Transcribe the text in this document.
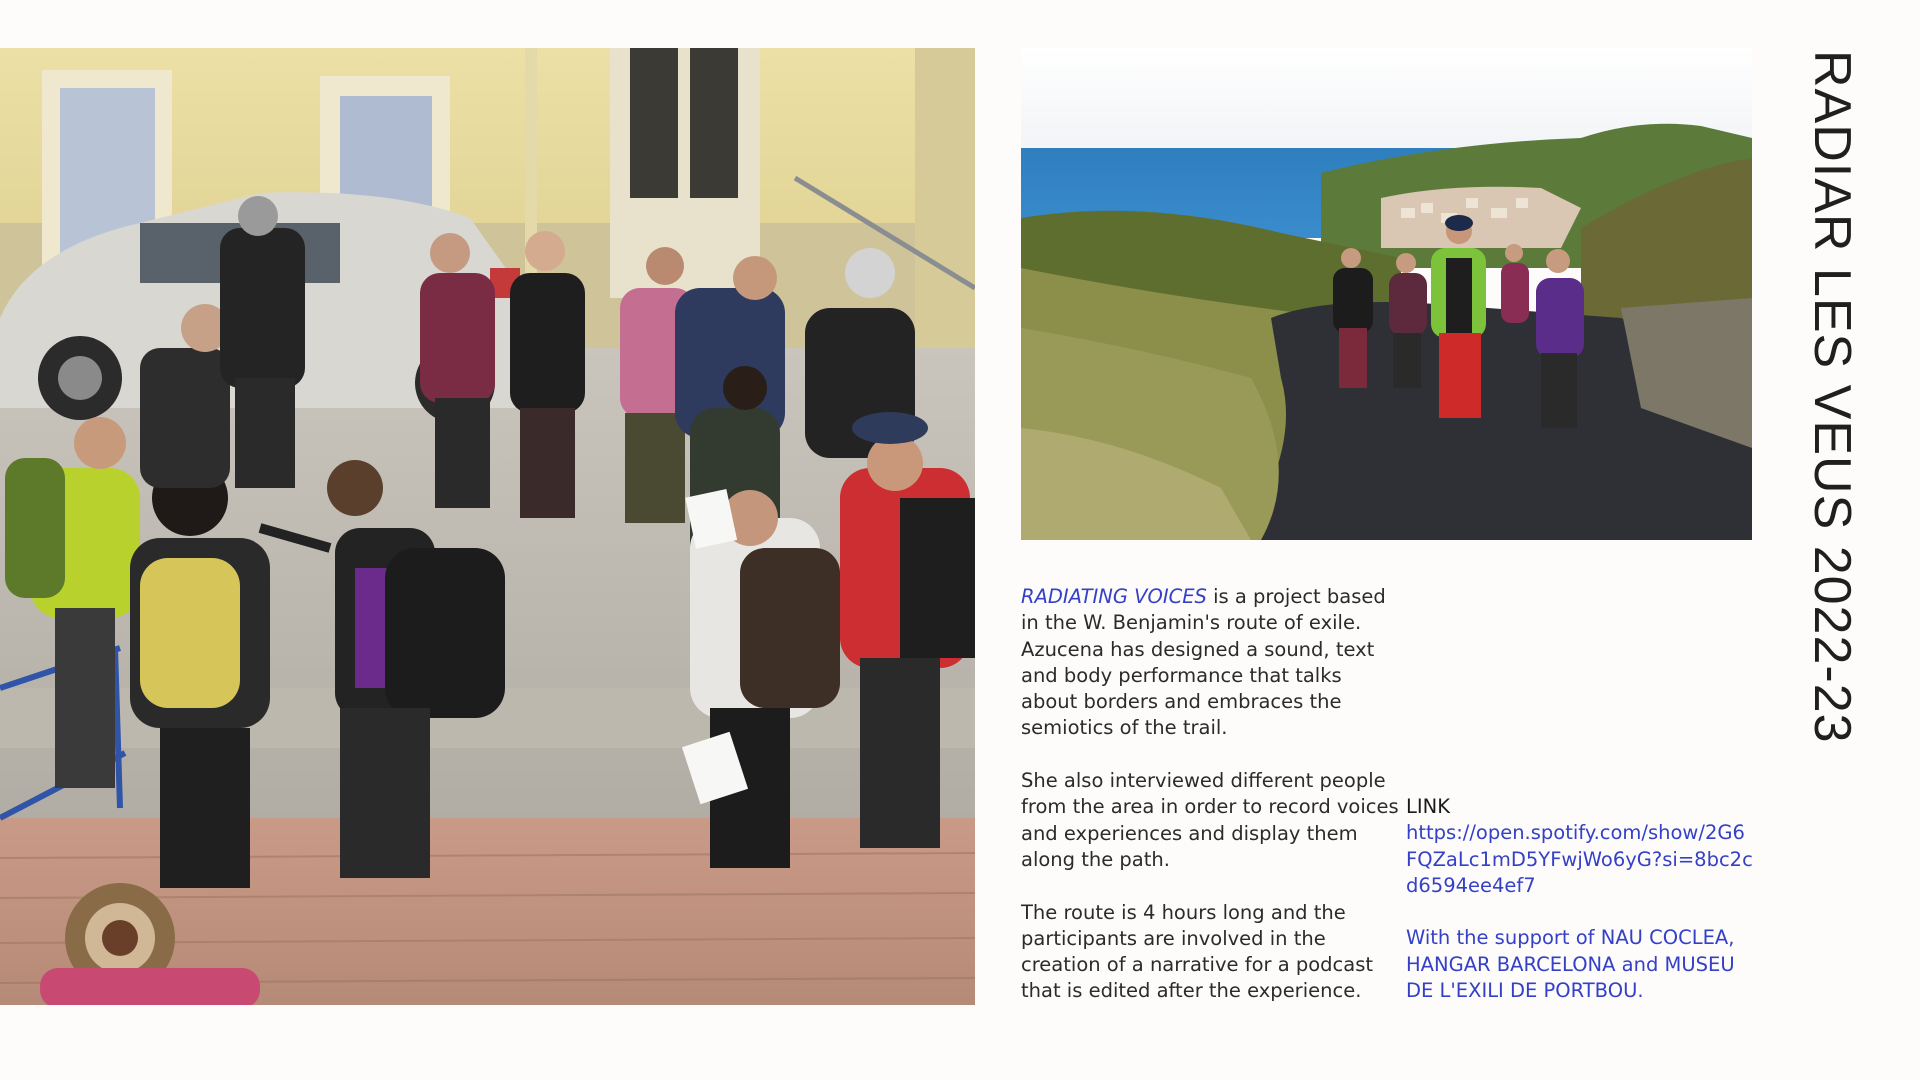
RADIATING VOICES is a project based in the W. Benjamin's route of exile. Azucena has designed a sound, text and body performance that talks about borders and embraces the semiotics of the trail.

She also interviewed different people from the area in order to record voices and experiences and display them along the path.

The route is 4 hours long and the participants are involved in the creation of a narrative for a podcast that is edited after the experience.

LINK
https://open.spotify.com/show/2G6FQZaLc1mD5YFwjWo6yG?si=8bc2cd6594ee4ef7
With the support of NAU COCLEA, HANGAR BARCELONA and MUSEU DE L'EXILI DE PORTBOU.
RADIAR LES VEUS 2022-23
